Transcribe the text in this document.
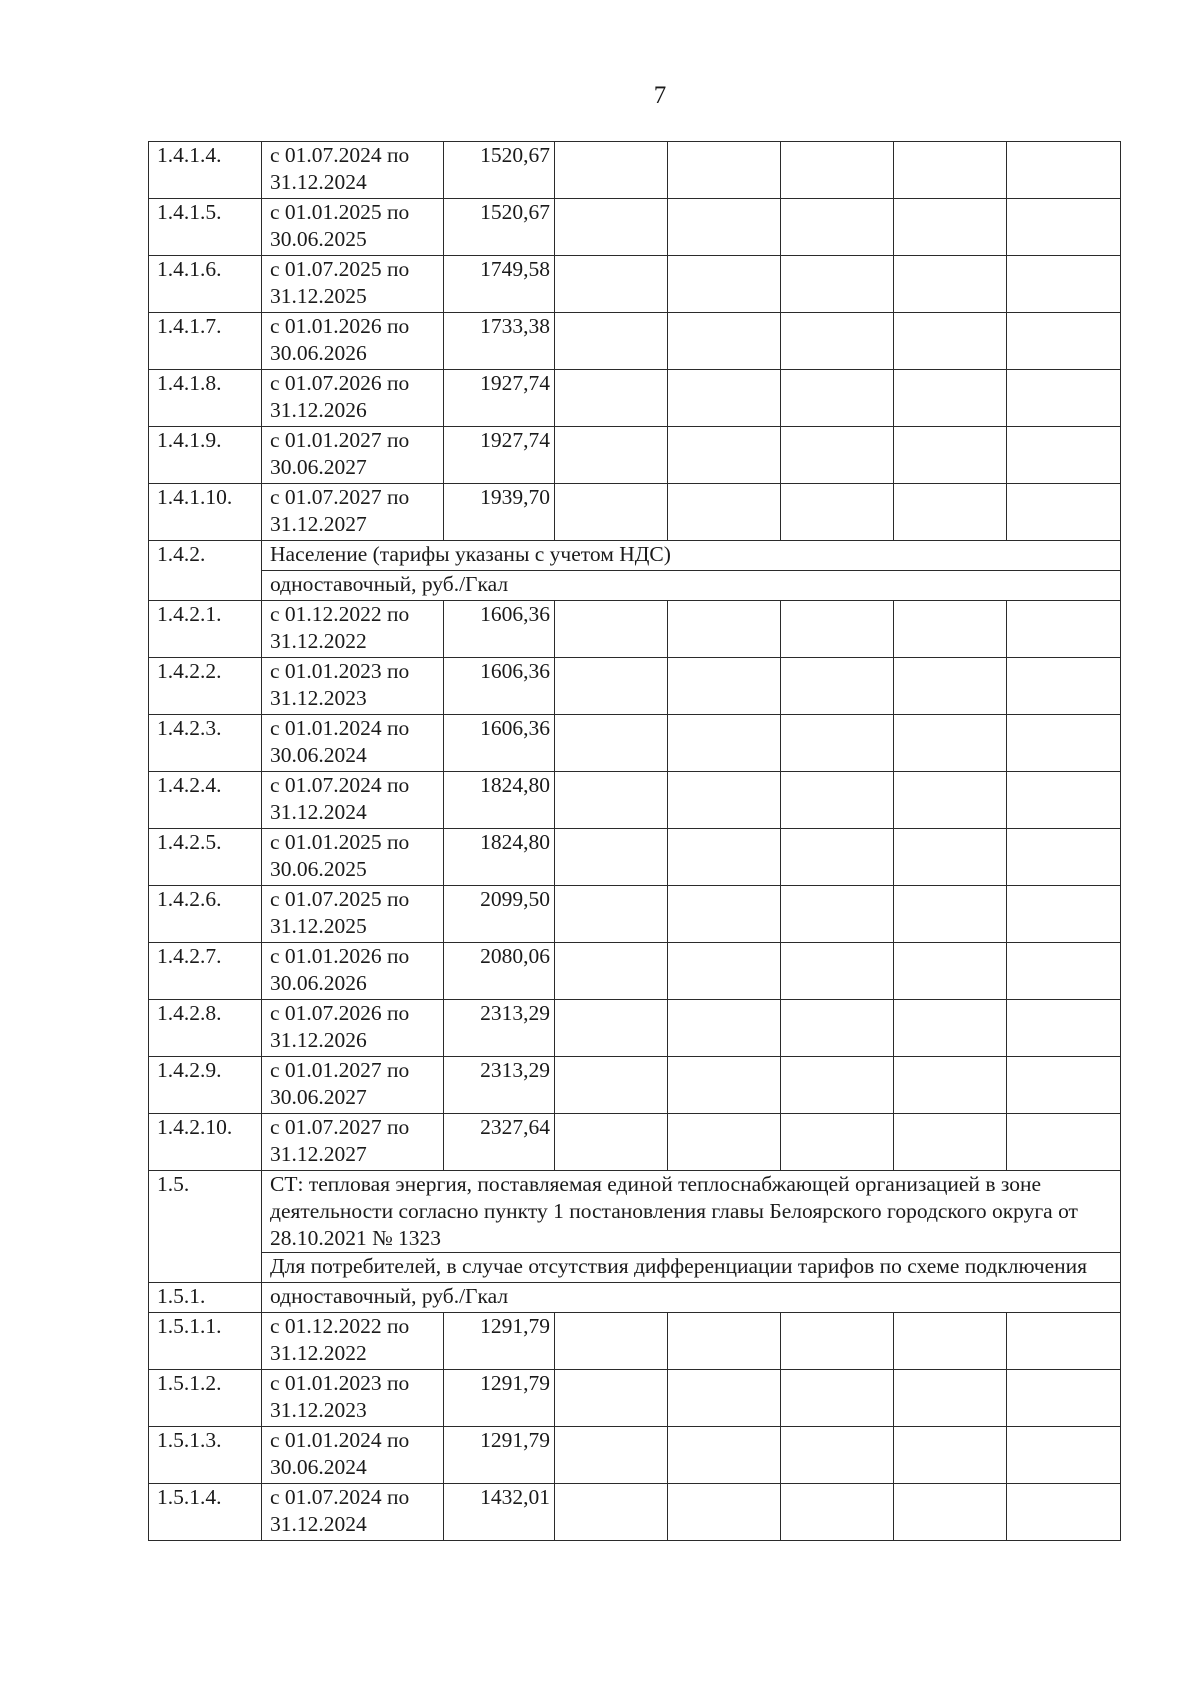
7
1.4.1.4.	с 01.07.2024 по 31.12.2024	1520,67					
1.4.1.5.	с 01.01.2025 по 30.06.2025	1520,67					
1.4.1.6.	с 01.07.2025 по 31.12.2025	1749,58					
1.4.1.7.	с 01.01.2026 по 30.06.2026	1733,38					
1.4.1.8.	с 01.07.2026 по 31.12.2026	1927,74					
1.4.1.9.	с 01.01.2027 по 30.06.2027	1927,74					
1.4.1.10.	с 01.07.2027 по 31.12.2027	1939,70					
1.4.2.	Население (тарифы указаны с учетом НДС)						
	одноставочный, руб./Гкал						
1.4.2.1.	с 01.12.2022 по 31.12.2022	1606,36					
1.4.2.2.	с 01.01.2023 по 31.12.2023	1606,36					
1.4.2.3.	с 01.01.2024 по 30.06.2024	1606,36					
1.4.2.4.	с 01.07.2024 по 31.12.2024	1824,80					
1.4.2.5.	с 01.01.2025 по 30.06.2025	1824,80					
1.4.2.6.	с 01.07.2025 по 31.12.2025	2099,50					
1.4.2.7.	с 01.01.2026 по 30.06.2026	2080,06					
1.4.2.8.	с 01.07.2026 по 31.12.2026	2313,29					
1.4.2.9.	с 01.01.2027 по 30.06.2027	2313,29					
1.4.2.10.	с 01.07.2027 по 31.12.2027	2327,64					
1.5.	СТ: тепловая энергия, поставляемая единой теплоснабжающей организацией в зоне деятельности согласно пункту 1 постановления главы Белоярского городского округа от 28.10.2021 № 1323						
	Для потребителей, в случае отсутствия дифференциации тарифов по схеме подключения						
1.5.1.	одноставочный, руб./Гкал						
1.5.1.1.	с 01.12.2022 по 31.12.2022	1291,79					
1.5.1.2.	с 01.01.2023 по 31.12.2023	1291,79					
1.5.1.3.	с 01.01.2024 по 30.06.2024	1291,79					
1.5.1.4.	с 01.07.2024 по 31.12.2024	1432,01					
